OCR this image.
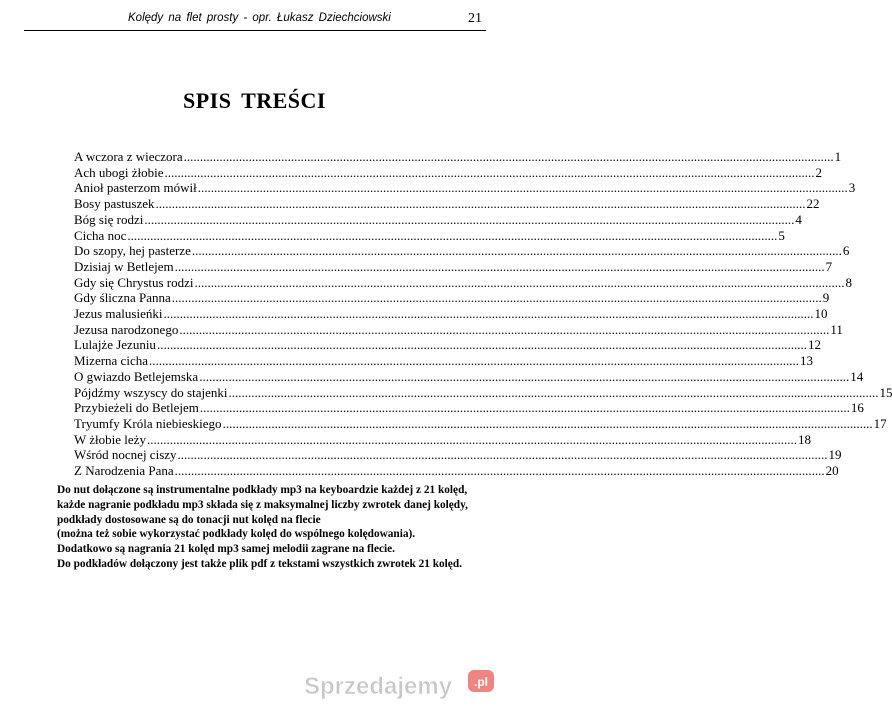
Kolędy na flet prosty - opr. Łukasz Dziechciowski	21
SPIS TREŚCI
A wczora z wieczora ........................................................................................................................................................................................................ 1
Ach ubogi żłobie ........................................................................................................................................................................................................ 2
Anioł pasterzom mówił ........................................................................................................................................................................................................ 3
Bosy pastuszek ........................................................................................................................................................................................................ 22
Bóg się rodzi ........................................................................................................................................................................................................ 4
Cicha noc ........................................................................................................................................................................................................ 5
Do szopy, hej pasterze ........................................................................................................................................................................................................ 6
Dzisiaj w Betlejem ........................................................................................................................................................................................................ 7
Gdy się Chrystus rodzi ........................................................................................................................................................................................................ 8
Gdy śliczna Panna ........................................................................................................................................................................................................ 9
Jezus malusieńki ........................................................................................................................................................................................................ 10
Jezusa narodzonego ........................................................................................................................................................................................................ 11
Lulajże Jezuniu ........................................................................................................................................................................................................ 12
Mizerna cicha ........................................................................................................................................................................................................ 13
O gwiazdo Betlejemska ........................................................................................................................................................................................................ 14
Pójdźmy wszyscy do stajenki ........................................................................................................................................................................................................ 15
Przybieżeli do Betlejem ........................................................................................................................................................................................................ 16
Tryumfy Króla niebieskiego ........................................................................................................................................................................................................ 17
W żłobie leży ........................................................................................................................................................................................................ 18
Wśród nocnej ciszy ........................................................................................................................................................................................................ 19
Z Narodzenia Pana ........................................................................................................................................................................................................ 20
Do nut dołączone są instrumentalne podkłady mp3 na keyboardzie każdej z 21 kolęd,
każde nagranie podkładu mp3 składa się z maksymalnej liczby zwrotek danej kolędy,
podkłady dostosowane są do tonacji nut kolęd na flecie
(można też sobie wykorzystać podkłady kolęd do wspólnego kolędowania).
Dodatkowo są nagrania 21 kolęd mp3 samej melodii zagrane na flecie.
Do podkładów dołączony jest także plik pdf z tekstami wszystkich zwrotek 21 kolęd.
Sprzedajemy .pl
